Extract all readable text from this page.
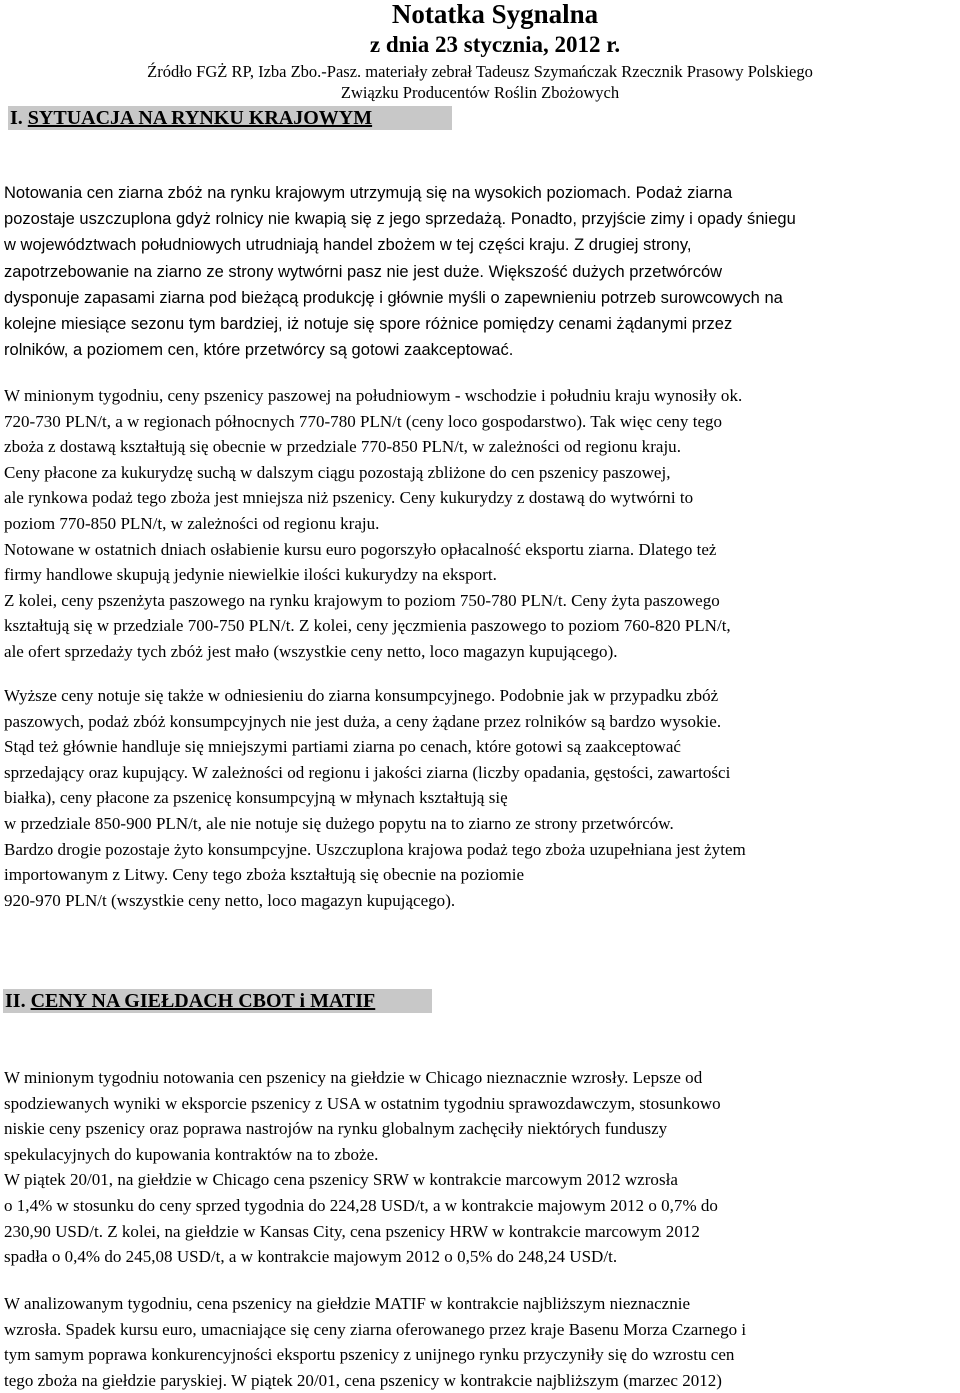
Notatka Sygnalna
z dnia 23 stycznia, 2012 r.
Źródło FGŻ RP, Izba Zbo.-Pasz. materiały zebrał Tadeusz Szymańczak Rzecznik Prasowy Polskiego
Związku Producentów Roślin Zbożowych
I. SYTUACJA NA RYNKU KRAJOWYM
Notowania cen ziarna zbóż na rynku krajowym utrzymują się na wysokich poziomach. Podaż ziarna
pozostaje uszczuplona gdyż rolnicy nie kwapią się z jego sprzedażą. Ponadto, przyjście zimy i opady śniegu
w województwach południowych utrudniają handel zbożem w tej części kraju. Z drugiej strony,
zapotrzebowanie na ziarno ze strony wytwórni pasz nie jest duże. Większość dużych przetwórców
dysponuje zapasami ziarna pod bieżącą produkcję i głównie myśli o zapewnieniu potrzeb surowcowych na
kolejne miesiące sezonu tym bardziej, iż notuje się spore różnice pomiędzy cenami żądanymi przez
rolników, a poziomem cen, które przetwórcy są gotowi zaakceptować.
W minionym tygodniu, ceny pszenicy paszowej na południowym - wschodzie i południu kraju wynosiły ok.
720-730 PLN/t, a w regionach północnych 770-780 PLN/t (ceny loco gospodarstwo). Tak więc ceny tego
zboża z dostawą kształtują się obecnie w przedziale 770-850 PLN/t, w zależności od regionu kraju.
Ceny płacone za kukurydzę suchą w dalszym ciągu pozostają zbliżone do cen pszenicy paszowej,
ale rynkowa podaż tego zboża jest mniejsza niż pszenicy. Ceny kukurydzy z dostawą do wytwórni to
poziom 770-850 PLN/t, w zależności od regionu kraju.
Notowane w ostatnich dniach osłabienie kursu euro pogorszyło opłacalność eksportu ziarna. Dlatego też
firmy handlowe skupują jedynie niewielkie ilości kukurydzy na eksport.
Z kolei, ceny pszenżyta paszowego na rynku krajowym to poziom 750-780 PLN/t. Ceny żyta paszowego
kształtują się w przedziale 700-750 PLN/t. Z kolei, ceny jęczmienia paszowego to poziom 760-820 PLN/t,
ale ofert sprzedaży tych zbóż jest mało (wszystkie ceny netto, loco magazyn kupującego).
Wyższe ceny notuje się także w odniesieniu do ziarna konsumpcyjnego. Podobnie jak w przypadku zbóż
paszowych, podaż zbóż konsumpcyjnych nie jest duża, a ceny żądane przez rolników są bardzo wysokie.
Stąd też głównie handluje się mniejszymi partiami ziarna po cenach, które gotowi są zaakceptować
sprzedający oraz kupujący. W zależności od regionu i jakości ziarna (liczby opadania, gęstości, zawartości
białka), ceny płacone za pszenicę konsumpcyjną w młynach kształtują się
w przedziale 850-900 PLN/t, ale nie notuje się dużego popytu na to ziarno ze strony przetwórców.
Bardzo drogie pozostaje żyto konsumpcyjne. Uszczuplona krajowa podaż tego zboża uzupełniana jest żytem
importowanym z Litwy. Ceny tego zboża kształtują się obecnie na poziomie
920-970 PLN/t (wszystkie ceny netto, loco magazyn kupującego).
II. CENY NA GIEŁDACH CBOT i MATIF
W minionym tygodniu notowania cen pszenicy na giełdzie w Chicago nieznacznie wzrosły. Lepsze od
spodziewanych wyniki w eksporcie pszenicy z USA w ostatnim tygodniu sprawozdawczym, stosunkowo
niskie ceny pszenicy oraz poprawa nastrojów na rynku globalnym zachęciły niektórych funduszy
spekulacyjnych do kupowania kontraktów na to zboże.
W piątek 20/01, na giełdzie w Chicago cena pszenicy SRW w kontrakcie marcowym 2012 wzrosła
o 1,4% w stosunku do ceny sprzed tygodnia do 224,28 USD/t, a w kontrakcie majowym 2012 o 0,7% do
230,90 USD/t. Z kolei, na giełdzie w Kansas City, cena pszenicy HRW w kontrakcie marcowym 2012
spadła o 0,4% do 245,08 USD/t, a w kontrakcie majowym 2012 o 0,5% do 248,24 USD/t.
W analizowanym tygodniu, cena pszenicy na giełdzie MATIF w kontrakcie najbliższym nieznacznie
wzrosła. Spadek kursu euro, umacniające się ceny ziarna oferowanego przez kraje Basenu Morza Czarnego i
tym samym poprawa konkurencyjności eksportu pszenicy z unijnego rynku przyczyniły się do wzrostu cen
tego zboża na giełdzie paryskiej. W piątek 20/01, cena pszenicy w kontrakcie najbliższym (marzec 2012)
